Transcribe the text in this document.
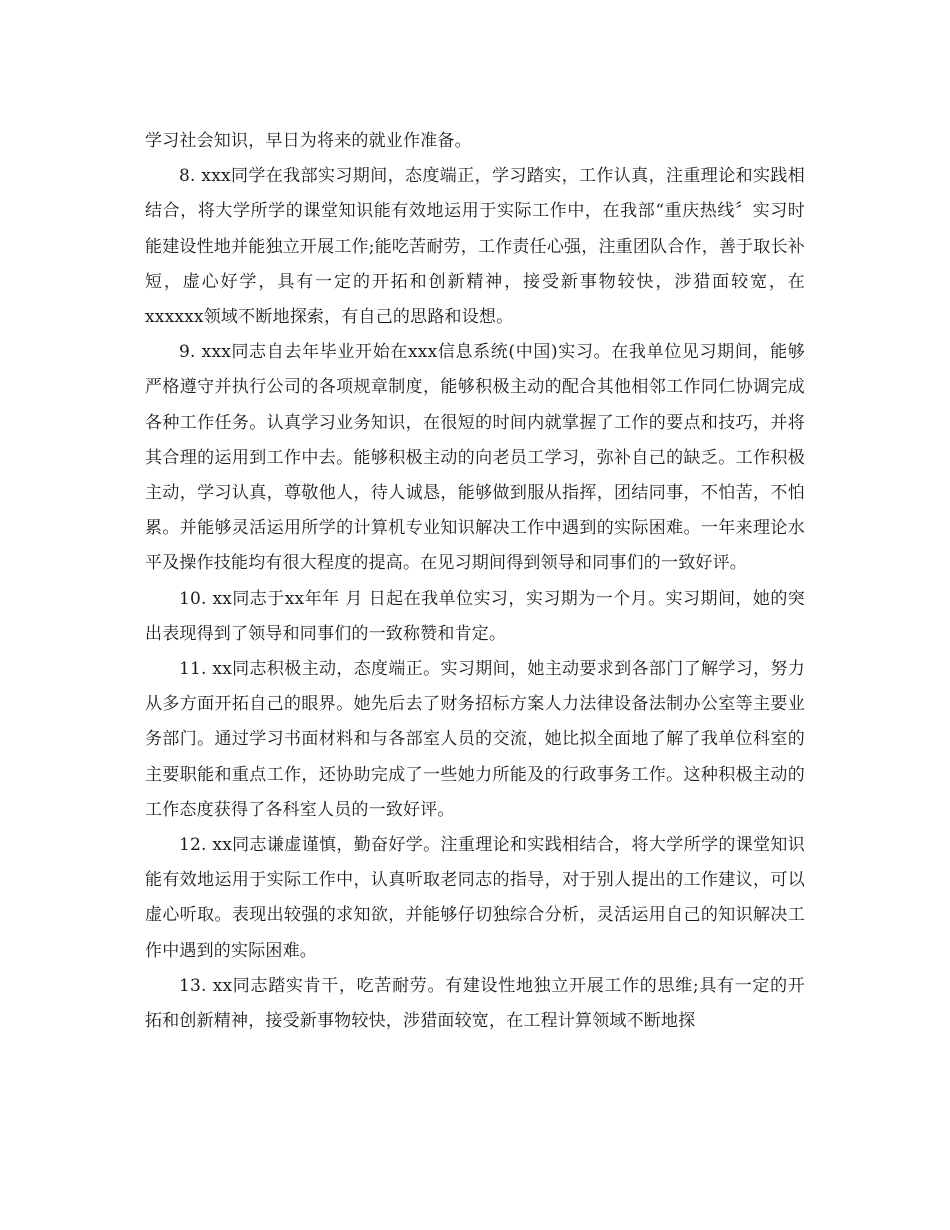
学习社会知识，早日为将来的就业作准备。

8. xxx同学在我部实习期间，态度端正，学习踏实，工作认真，注重理论和实践相结合，将大学所学的课堂知识能有效地运用于实际工作中，在我部“重庆热线〞实习时能建设性地并能独立开展工作;能吃苦耐劳，工作责任心强，注重团队合作，善于取长补短，虚心好学，具有一定的开拓和创新精神，接受新事物较快，涉猎面较宽，在xxxxxx领域不断地探索，有自己的思路和设想。

9. xxx同志自去年毕业开始在xxx信息系统(中国)实习。在我单位见习期间，能够严格遵守并执行公司的各项规章制度，能够积极主动的配合其他相邻工作同仁协调完成各种工作任务。认真学习业务知识，在很短的时间内就掌握了工作的要点和技巧，并将其合理的运用到工作中去。能够积极主动的向老员工学习，弥补自己的缺乏。工作积极主动，学习认真，尊敬他人，待人诚恳，能够做到服从指挥，团结同事，不怕苦，不怕累。并能够灵活运用所学的计算机专业知识解决工作中遇到的实际困难。一年来理论水平及操作技能均有很大程度的提高。在见习期间得到领导和同事们的一致好评。

10. xx同志于xx年年 月 日起在我单位实习，实习期为一个月。实习期间，她的突出表现得到了领导和同事们的一致称赞和肯定。

11. xx同志积极主动，态度端正。实习期间，她主动要求到各部门了解学习，努力从多方面开拓自己的眼界。她先后去了财务招标方案人力法律设备法制办公室等主要业务部门。通过学习书面材料和与各部室人员的交流，她比拟全面地了解了我单位科室的主要职能和重点工作，还协助完成了一些她力所能及的行政事务工作。这种积极主动的工作态度获得了各科室人员的一致好评。

12. xx同志谦虚谨慎，勤奋好学。注重理论和实践相结合，将大学所学的课堂知识能有效地运用于实际工作中，认真听取老同志的指导，对于别人提出的工作建议，可以虚心听取。表现出较强的求知欲，并能够仔切独综合分析，灵活运用自己的知识解决工作中遇到的实际困难。

13. xx同志踏实肯干，吃苦耐劳。有建设性地独立开展工作的思维;具有一定的开拓和创新精神，接受新事物较快，涉猎面较宽，在工程计算领域不断地探
